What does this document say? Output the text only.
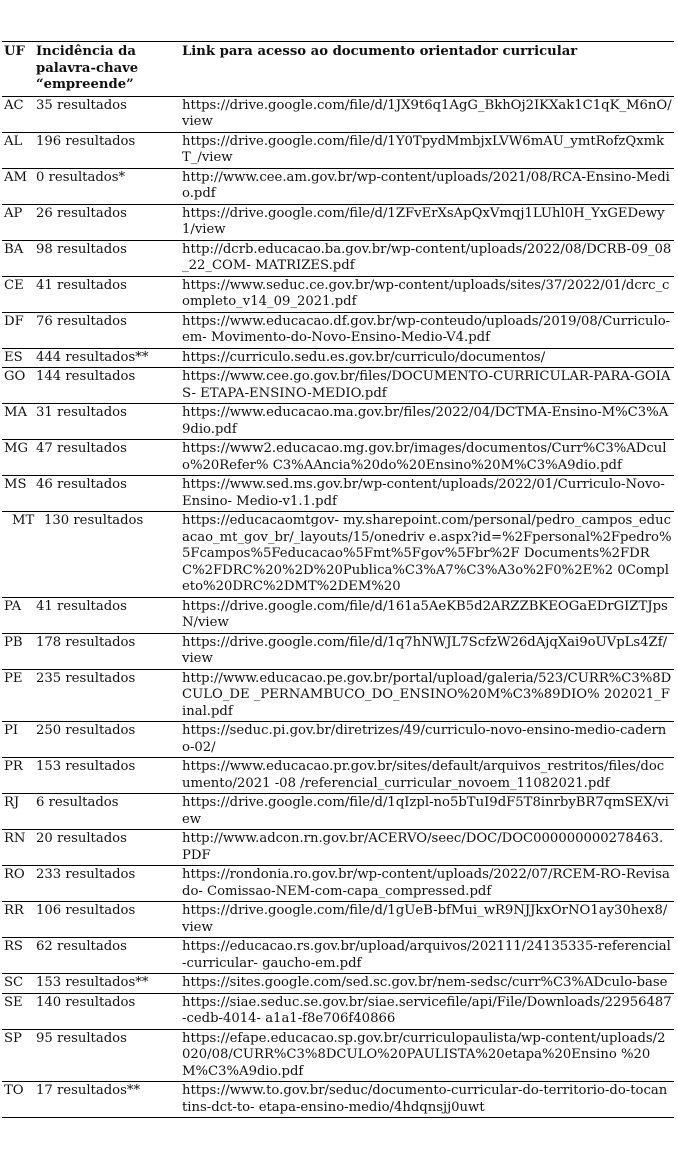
UF	Incidência da palavra-chave “empreende”	Link para acesso ao documento orientador curricular
AC	35 resultados	https://drive.google.com/file/d/1JX9t6q1AgG_BkhOj2IKXak1C1qK_M6nO/view
AL	196 resultados	https://drive.google.com/file/d/1Y0TpydMmbjxLVW6mAU_ymtRofzQxmkT_/view
AM	0 resultados*	http://www.cee.am.gov.br/wp-content/uploads/2021/08/RCA-Ensino-Medio.pdf
AP	26 resultados	https://drive.google.com/file/d/1ZFvErXsApQxVmqj1LUhl0H_YxGEDewy1/view
BA	98 resultados	http://dcrb.educacao.ba.gov.br/wp-content/uploads/2022/08/DCRB-09_08_22_COM- MATRIZES.pdf
CE	41 resultados	https://www.seduc.ce.gov.br/wp-content/uploads/sites/37/2022/01/dcrc_completo_v14_09_2021.pdf
DF	76 resultados	https://www.educacao.df.gov.br/wp-conteudo/uploads/2019/08/Curriculo-em- Movimento-do-Novo-Ensino-Medio-V4.pdf
ES	444 resultados**	https://curriculo.sedu.es.gov.br/curriculo/documentos/
GO	144 resultados	https://www.cee.go.gov.br/files/DOCUMENTO-CURRICULAR-PARA-GOIAS- ETAPA-ENSINO-MEDIO.pdf
MA	31 resultados	https://www.educacao.ma.gov.br/files/2022/04/DCTMA-Ensino-M%C3%A9dio.pdf
MG	47 resultados	https://www2.educacao.mg.gov.br/images/documentos/Curr%C3%ADculo%20Refer% C3%AAncia%20do%20Ensino%20M%C3%A9dio.pdf
MS	46 resultados	https://www.sed.ms.gov.br/wp-content/uploads/2022/01/Curriculo-Novo-Ensino- Medio-v1.1.pdf
MT	130 resultados	https://educacaomtgov- my.sharepoint.com/personal/pedro_campos_educacao_mt_gov_br/_layouts/15/onedriv e.aspx?id=%2Fpersonal%2Fpedro%5Fcampos%5Feducacao%5Fmt%5Fgov%5Fbr%2F Documents%2FDRC%2FDRC%20%2D%20Publica%C3%A7%C3%A3o%2F0%2E%2 0Completo%20DRC%2DMT%2DEM%20
PA	41 resultados	https://drive.google.com/file/d/161a5AeKB5d2ARZZBKEOGaEDrGIZTJpsN/view
PB	178 resultados	https://drive.google.com/file/d/1q7hNWJL7ScfzW26dAjqXai9oUVpLs4Zf/view
PE	235 resultados	http://www.educacao.pe.gov.br/portal/upload/galeria/523/CURR%C3%8DCULO_DE _PERNAMBUCO_DO_ENSINO%20M%C3%89DIO% 202021_Final.pdf
PI	250 resultados	https://seduc.pi.gov.br/diretrizes/49/curriculo-novo-ensino-medio-caderno-02/
PR	153 resultados	https://www.educacao.pr.gov.br/sites/default/arquivos_restritos/files/documento/2021 -08 /referencial_curricular_novoem_11082021.pdf
RJ	6 resultados	https://drive.google.com/file/d/1qIzpl-no5bTuI9dF5T8inrbyBR7qmSEX/view
RN	20 resultados	http://www.adcon.rn.gov.br/ACERVO/seec/DOC/DOC000000000278463.PDF
RO	233 resultados	https://rondonia.ro.gov.br/wp-content/uploads/2022/07/RCEM-RO-Revisado- Comissao-NEM-com-capa_compressed.pdf
RR	106 resultados	https://drive.google.com/file/d/1gUeB-bfMui_wR9NJJkxOrNO1ay30hex8/view
RS	62 resultados	https://educacao.rs.gov.br/upload/arquivos/202111/24135335-referencial-curricular- gaucho-em.pdf
SC	153 resultados**	https://sites.google.com/sed.sc.gov.br/nem-sedsc/curr%C3%ADculo-base
SE	140 resultados	https://siae.seduc.se.gov.br/siae.servicefile/api/File/Downloads/22956487-cedb-4014- a1a1-f8e706f40866
SP	95 resultados	https://efape.educacao.sp.gov.br/curriculopaulista/wp-content/uploads/2020/08/CURR%C3%8DCULO%20PAULISTA%20etapa%20Ensino %20M%C3%A9dio.pdf
TO	17 resultados**	https://www.to.gov.br/seduc/documento-curricular-do-territorio-do-tocantins-dct-to- etapa-ensino-medio/4hdqnsjj0uwt
